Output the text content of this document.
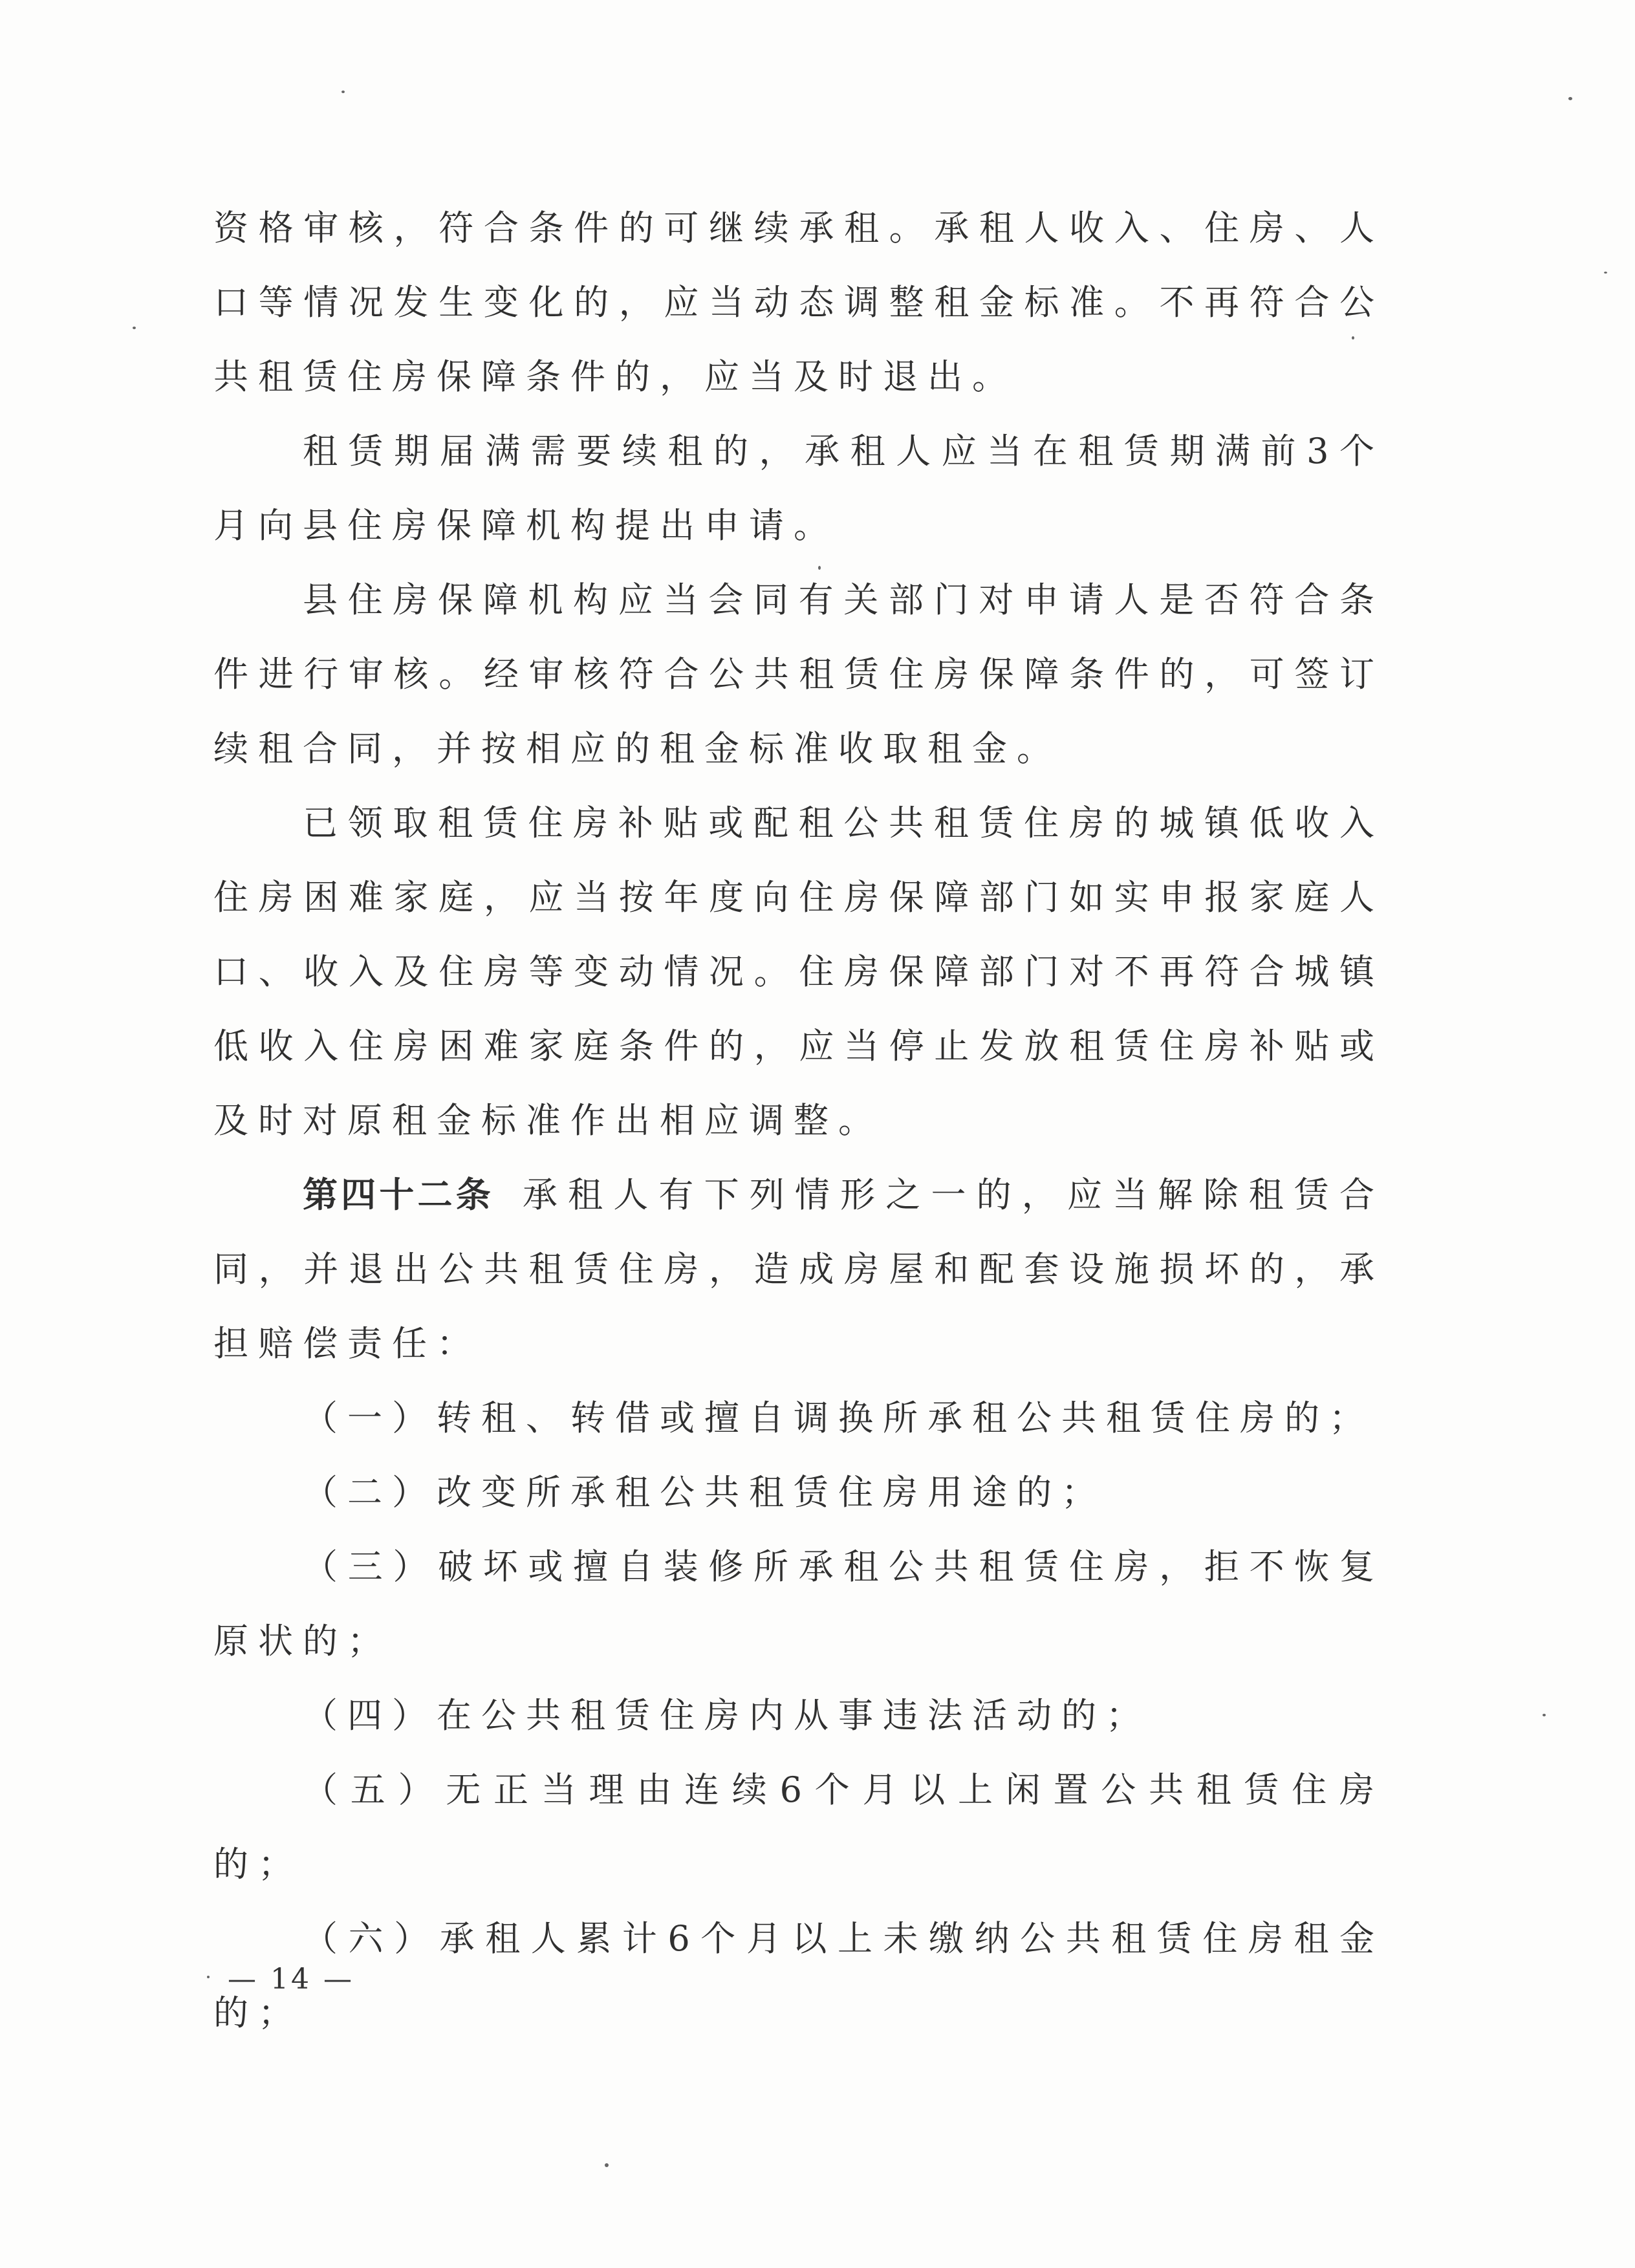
资格审核，符合条件的可继续承租。承租人收入、住房、人口等情况发生变化的，应当动态调整租金标准。不再符合公共租赁住房保障条件的，应当及时退出。

租赁期届满需要续租的，承租人应当在租赁期满前3个月向县住房保障机构提出申请。

县住房保障机构应当会同有关部门对申请人是否符合条件进行审核。经审核符合公共租赁住房保障条件的，可签订续租合同，并按相应的租金标准收取租金。

已领取租赁住房补贴或配租公共租赁住房的城镇低收入住房困难家庭，应当按年度向住房保障部门如实申报家庭人口、收入及住房等变动情况。住房保障部门对不再符合城镇低收入住房困难家庭条件的，应当停止发放租赁住房补贴或及时对原租金标准作出相应调整。

第四十二条 承租人有下列情形之一的，应当解除租赁合同，并退出公共租赁住房，造成房屋和配套设施损坏的，承担赔偿责任：

（一）转租、转借或擅自调换所承租公共租赁住房的；

（二）改变所承租公共租赁住房用途的；

（三）破坏或擅自装修所承租公共租赁住房，拒不恢复原状的；

（四）在公共租赁住房内从事违法活动的；

（五）无正当理由连续6个月以上闲置公共租赁住房的；

（六）承租人累计6个月以上未缴纳公共租赁住房租金的；

— 14 —
